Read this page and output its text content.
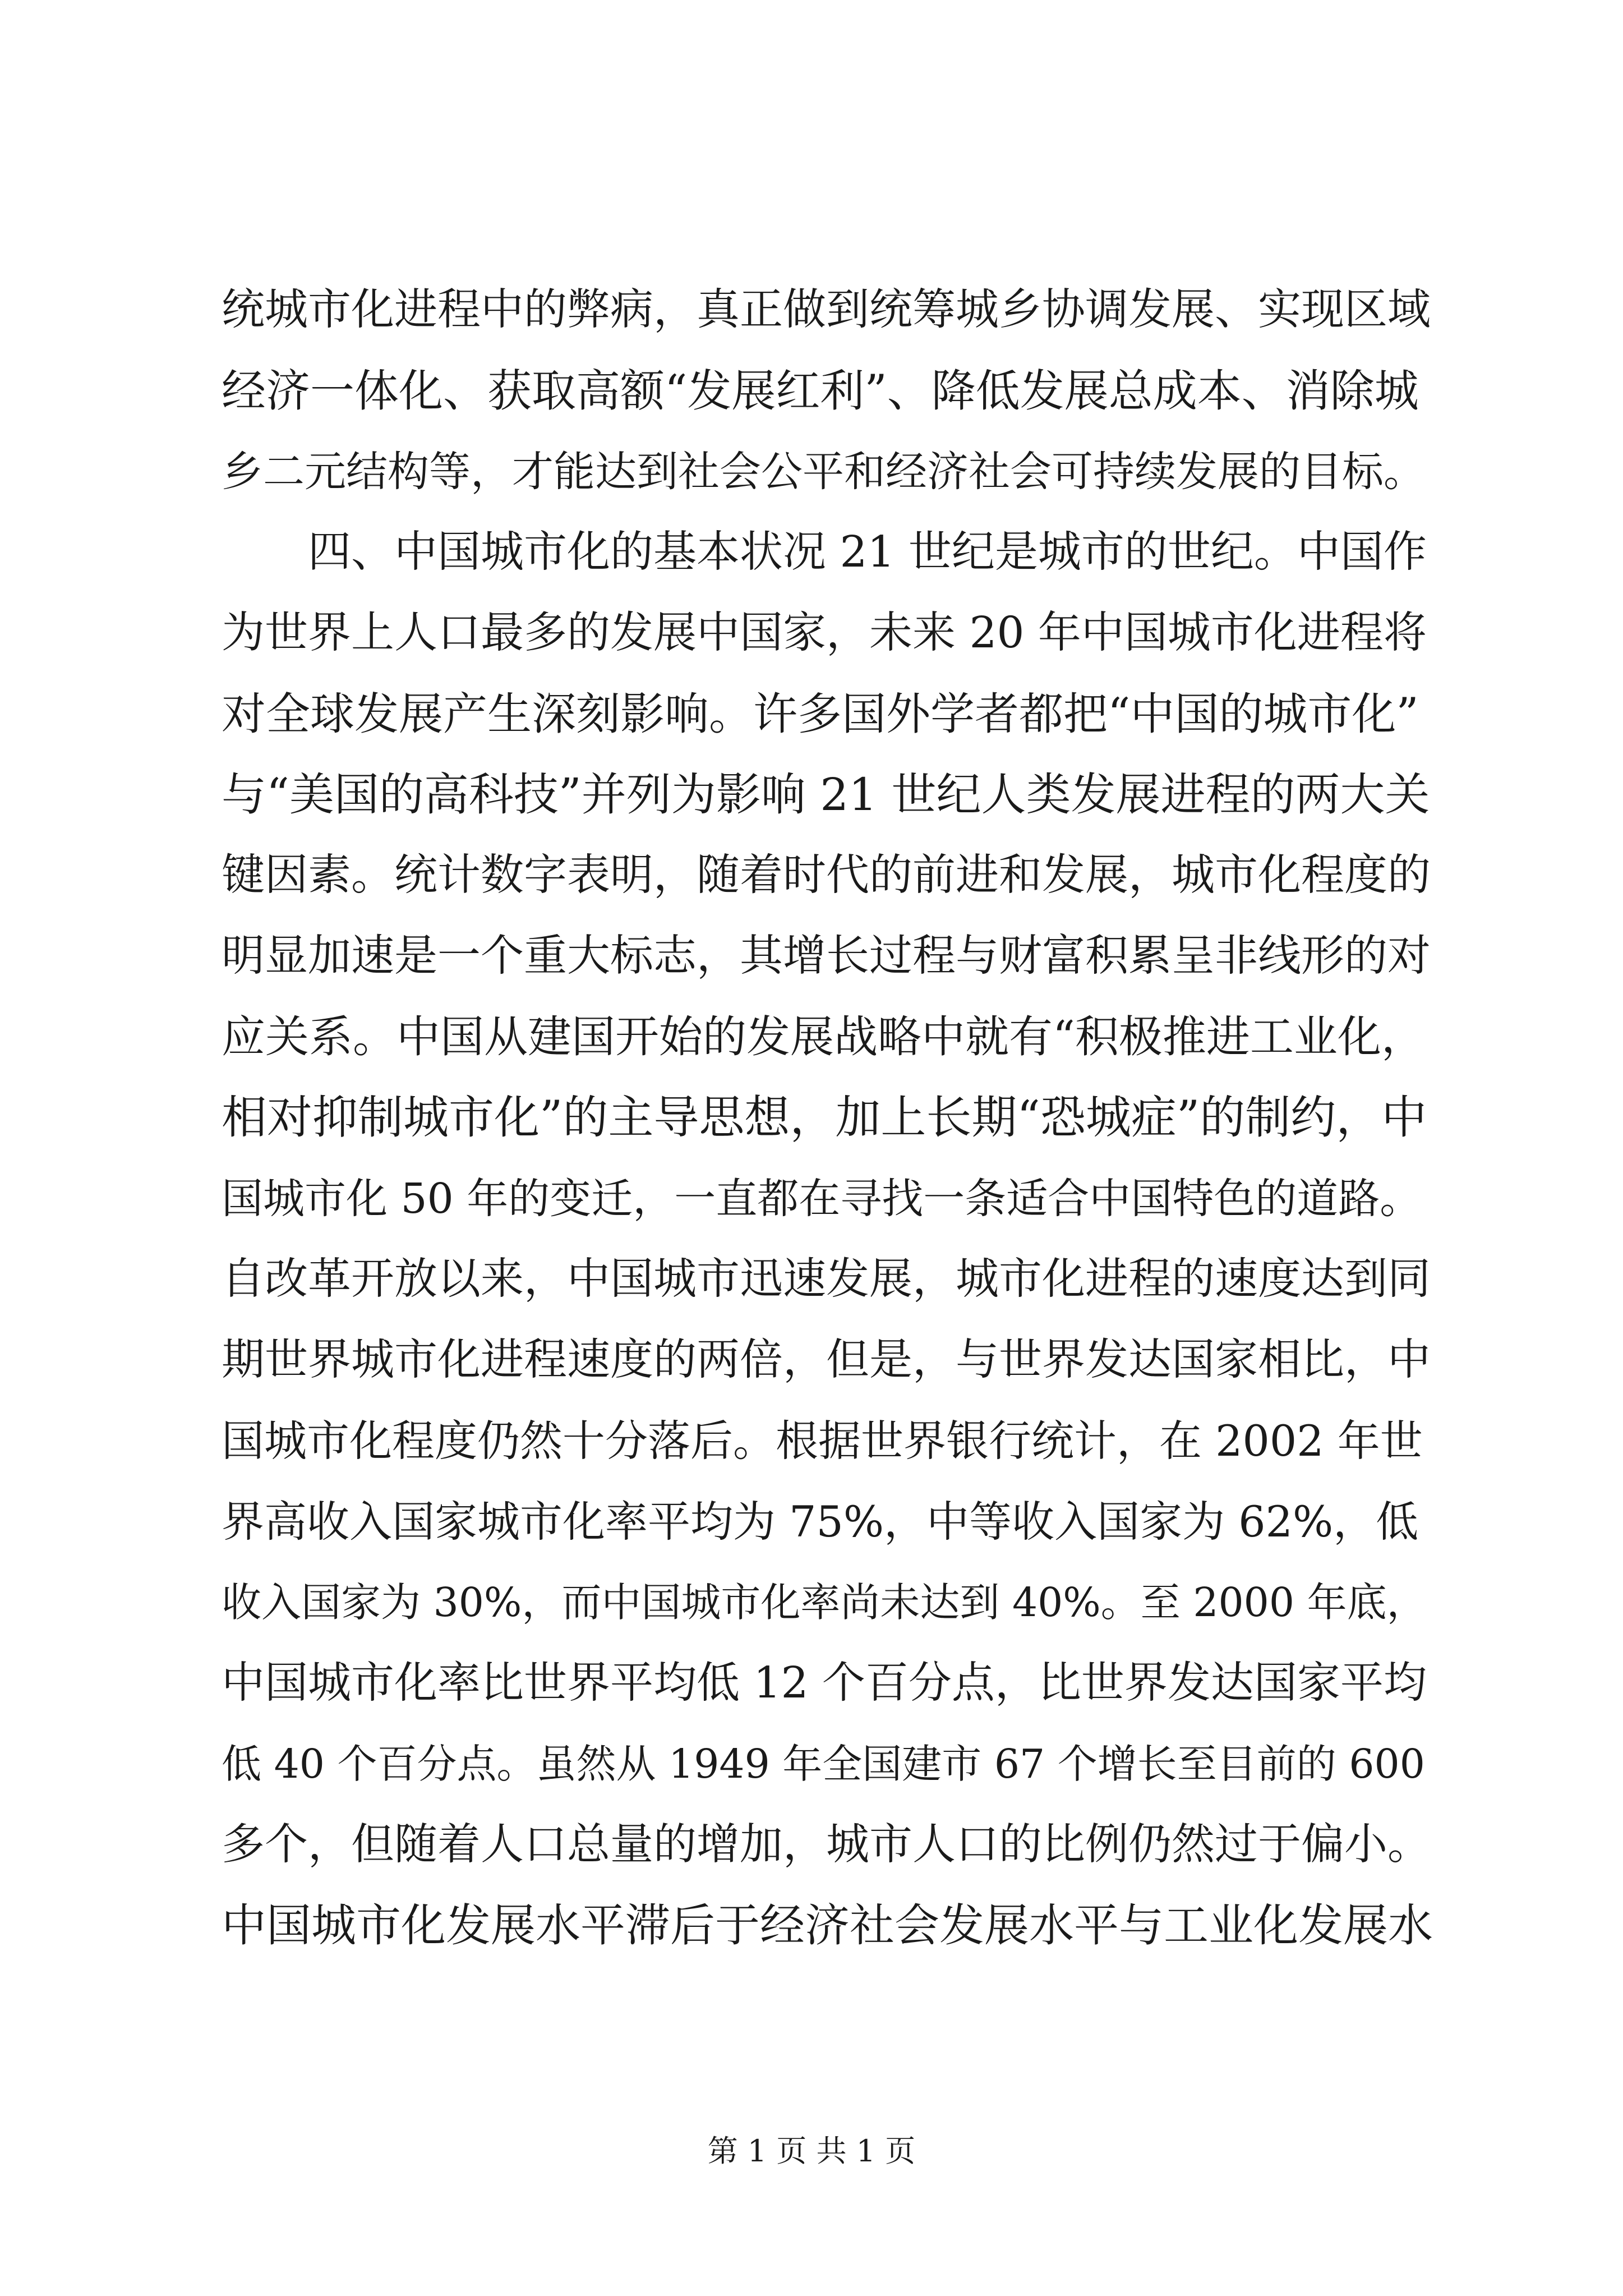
统城市化进程中的弊病，真正做到统筹城乡协调发展、实现区域
经济一体化、获取高额“发展红利”、降低发展总成本、消除城
乡二元结构等，才能达到社会公平和经济社会可持续发展的目标。
　　四、中国城市化的基本状况 21 世纪是城市的世纪。中国作
为世界上人口最多的发展中国家，未来 20 年中国城市化进程将
对全球发展产生深刻影响。许多国外学者都把“中国的城市化”
与“美国的高科技”并列为影响 21 世纪人类发展进程的两大关
键因素。统计数字表明，随着时代的前进和发展，城市化程度的
明显加速是一个重大标志，其增长过程与财富积累呈非线形的对
应关系。中国从建国开始的发展战略中就有“积极推进工业化，
相对抑制城市化”的主导思想，加上长期“恐城症”的制约，中
国城市化 50 年的变迁，一直都在寻找一条适合中国特色的道路。
自改革开放以来，中国城市迅速发展，城市化进程的速度达到同
期世界城市化进程速度的两倍，但是，与世界发达国家相比，中
国城市化程度仍然十分落后。根据世界银行统计，在 2002 年世
界高收入国家城市化率平均为 75%，中等收入国家为 62%，低
收入国家为 30%，而中国城市化率尚未达到 40%。至 2000 年底，
中国城市化率比世界平均低 12 个百分点，比世界发达国家平均
低 40 个百分点。虽然从 1949 年全国建市 67 个增长至目前的 600
多个，但随着人口总量的增加，城市人口的比例仍然过于偏小。
中国城市化发展水平滞后于经济社会发展水平与工业化发展水
第 1 页 共 1 页
